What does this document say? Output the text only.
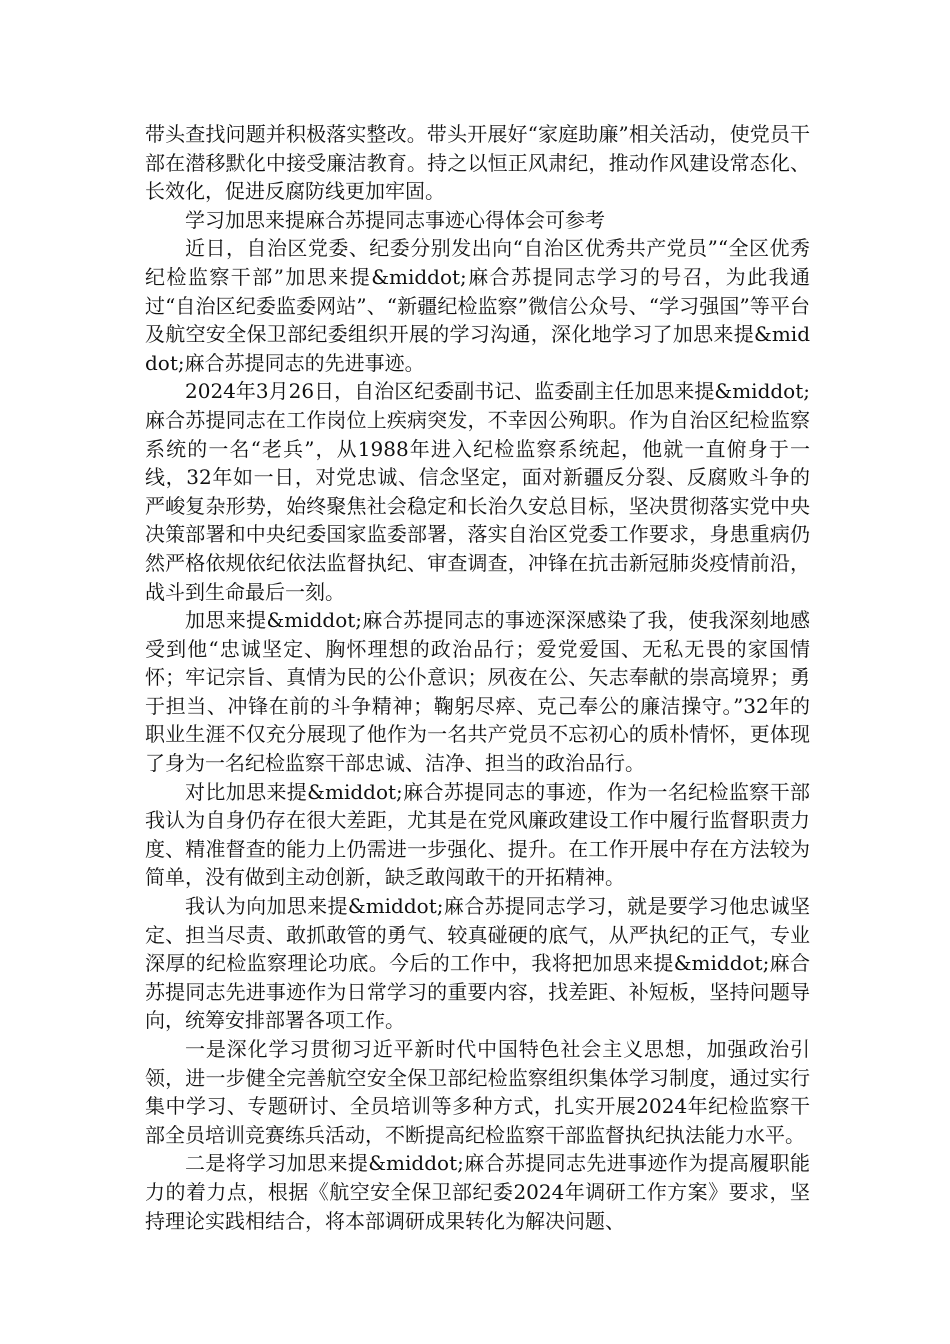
带头查找问题并积极落实整改。带头开展好“家庭助廉”相关活动，使党员干部在潜移默化中接受廉洁教育。持之以恒正风肃纪，推动作风建设常态化、长效化，促进反腐防线更加牢固。

学习加思来提麻合苏提同志事迹心得体会可参考

近日，自治区党委、纪委分别发出向“自治区优秀共产党员”“全区优秀纪检监察干部”加思来提&middot;麻合苏提同志学习的号召，为此我通过“自治区纪委监委网站”、“新疆纪检监察”微信公众号、“学习强国”等平台及航空安全保卫部纪委组织开展的学习沟通，深化地学习了加思来提&middot;麻合苏提同志的先进事迹。

2024年3月26日，自治区纪委副书记、监委副主任加思来提&middot;麻合苏提同志在工作岗位上疾病突发，不幸因公殉职。作为自治区纪检监察系统的一名“老兵”，从1988年进入纪检监察系统起，他就一直俯身于一线，32年如一日，对党忠诚、信念坚定，面对新疆反分裂、反腐败斗争的严峻复杂形势，始终聚焦社会稳定和长治久安总目标，坚决贯彻落实党中央决策部署和中央纪委国家监委部署，落实自治区党委工作要求，身患重病仍然严格依规依纪依法监督执纪、审查调查，冲锋在抗击新冠肺炎疫情前沿，战斗到生命最后一刻。

加思来提&middot;麻合苏提同志的事迹深深感染了我，使我深刻地感受到他“忠诚坚定、胸怀理想的政治品行；爱党爱国、无私无畏的家国情怀；牢记宗旨、真情为民的公仆意识；夙夜在公、矢志奉献的崇高境界；勇于担当、冲锋在前的斗争精神；鞠躬尽瘁、克己奉公的廉洁操守。”32年的职业生涯不仅充分展现了他作为一名共产党员不忘初心的质朴情怀，更体现了身为一名纪检监察干部忠诚、洁净、担当的政治品行。

对比加思来提&middot;麻合苏提同志的事迹，作为一名纪检监察干部我认为自身仍存在很大差距，尤其是在党风廉政建设工作中履行监督职责力度、精准督查的能力上仍需进一步强化、提升。在工作开展中存在方法较为简单，没有做到主动创新，缺乏敢闯敢干的开拓精神。

我认为向加思来提&middot;麻合苏提同志学习，就是要学习他忠诚坚定、担当尽责、敢抓敢管的勇气、较真碰硬的底气，从严执纪的正气，专业深厚的纪检监察理论功底。今后的工作中，我将把加思来提&middot;麻合苏提同志先进事迹作为日常学习的重要内容，找差距、补短板，坚持问题导向，统筹安排部署各项工作。

一是深化学习贯彻习近平新时代中国特色社会主义思想，加强政治引领，进一步健全完善航空安全保卫部纪检监察组织集体学习制度，通过实行集中学习、专题研讨、全员培训等多种方式，扎实开展2024年纪检监察干部全员培训竞赛练兵活动，不断提高纪检监察干部监督执纪执法能力水平。

二是将学习加思来提&middot;麻合苏提同志先进事迹作为提高履职能力的着力点，根据《航空安全保卫部纪委2024年调研工作方案》要求，坚持理论实践相结合，将本部调研成果转化为解决问题、
